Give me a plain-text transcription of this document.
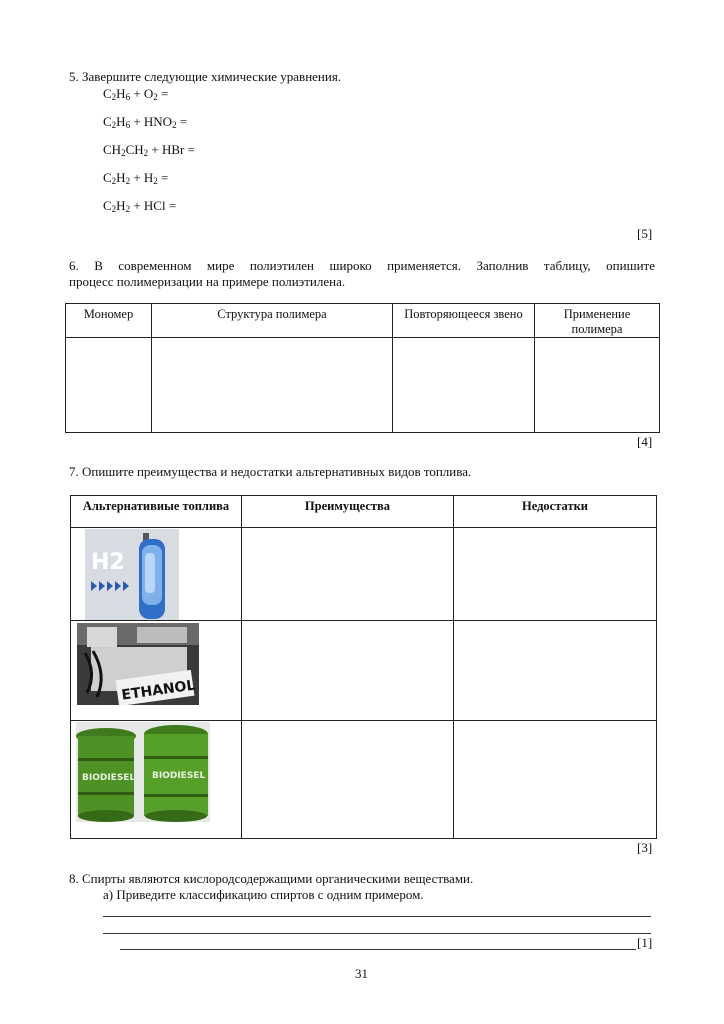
5. Завершите следующие химические уравнения.
$C_2H_6 + O_2$ =
$C_2H_6 + HNO_2$ =
$CH_2CH_2$ + HBr =
$C_2H_2 + H_2$ =
$C_2H_2$ + HCl =
[5]
6. В современном мире полиэтилен широко применяется. Заполнив таблицу, опишите
процесс полимеризации на примере полиэтилена.
Мономер	Структура полимера	Повторяющееся звено	Применение полимера

[4]
7. Опишите преимущества и недостатки альтернативных видов топлива.
Альтернативиые топлива	Преимущества	Недостатки

H2		

ETHANOL		

BIODIESEL BIODIESEL		

[3]
8. Спирты являются кислородсодержащими органическими веществами.
а) Приведите классификацию спиртов с одним примером.
[1]
31
